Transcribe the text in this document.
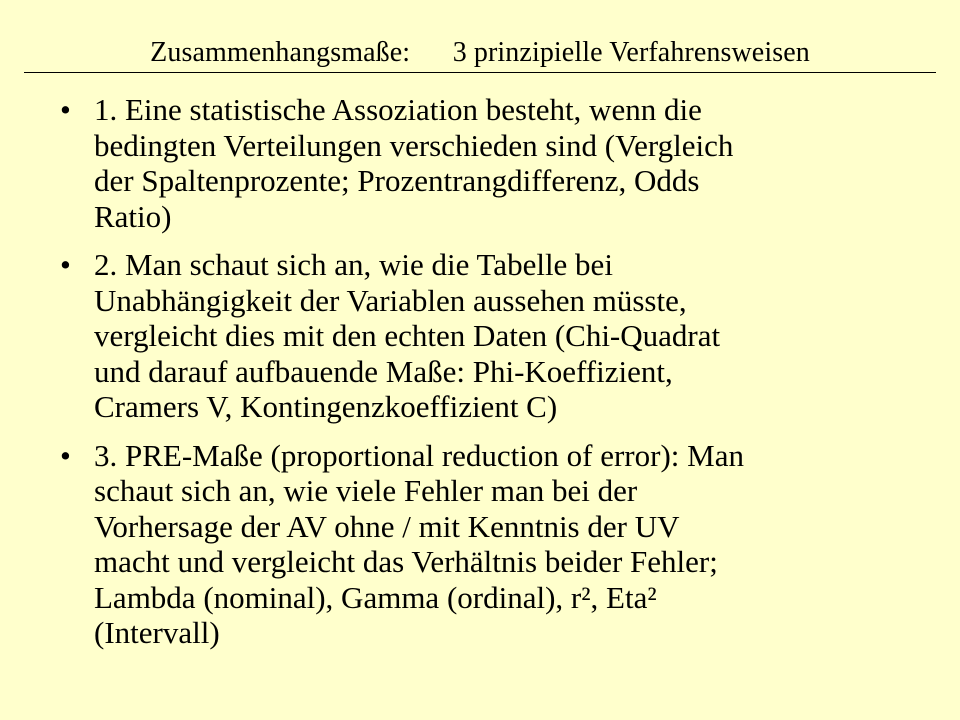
Zusammenhangsmaße:      3 prinzipielle Verfahrensweisen
• 1. Eine statistische Assoziation besteht, wenn die
bedingten Verteilungen verschieden sind (Vergleich
der Spaltenprozente; Prozentrangdifferenz, Odds
Ratio)
• 2. Man schaut sich an, wie die Tabelle bei
Unabhängigkeit der Variablen aussehen müsste,
vergleicht dies mit den echten Daten (Chi-Quadrat
und darauf aufbauende Maße: Phi-Koeffizient,
Cramers V, Kontingenzkoeffizient C)
• 3. PRE-Maße (proportional reduction of error): Man
schaut sich an, wie viele Fehler man bei der
Vorhersage der AV ohne / mit Kenntnis der UV
macht und vergleicht das Verhältnis beider Fehler;
Lambda (nominal), Gamma (ordinal), r², Eta²
(Intervall)
